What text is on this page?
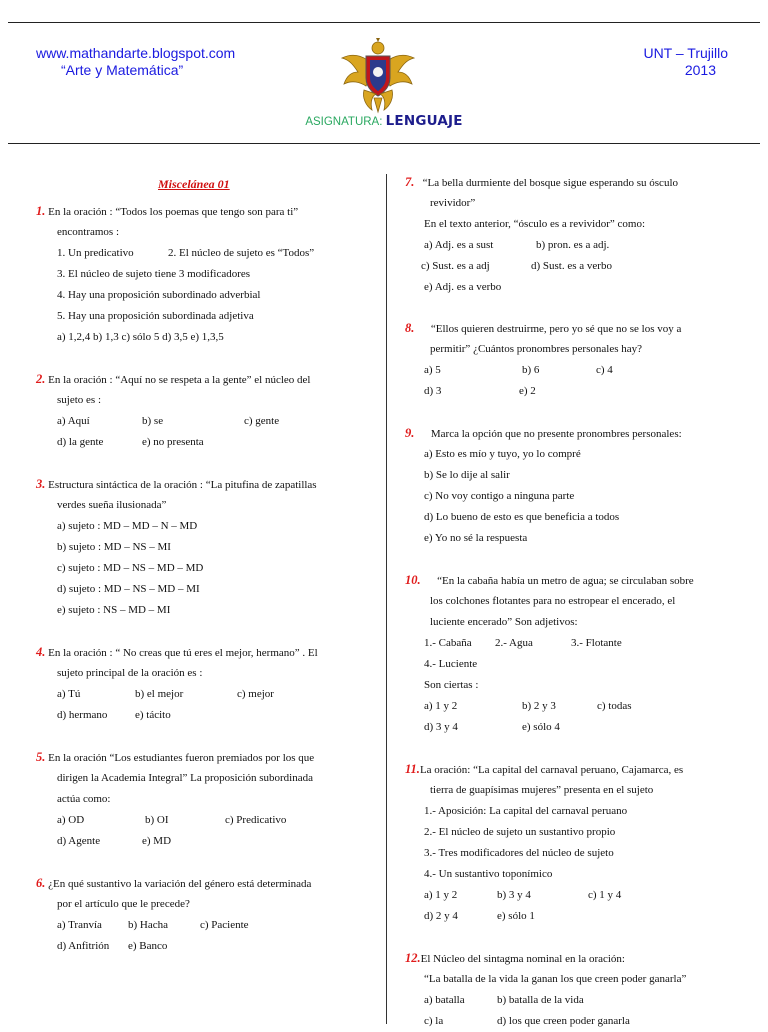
www.mathandarte.blogspot.com
“Arte y Matemática”
UNT – Trujillo
2013
ASIGNATURA: LENGUAJE
Miscelánea 01
1. En la oración : “Todos los poemas que tengo son para ti”
encontramos :
1. Un predicativo	2. El núcleo de sujeto es “Todos”
3. El núcleo de sujeto tiene 3 modificadores
4. Hay una proposición subordinado adverbial
5. Hay una proposición subordinada adjetiva
a) 1,2,4 b) 1,3 c) sólo 5 d) 3,5 e) 1,3,5
2. En la oración : “Aquí no se respeta a la gente” el núcleo del
sujeto es :
a) Aquí	b) se	c) gente
d) la gente	e) no presenta
3. Estructura sintáctica de la oración : “La pitufina de zapatillas
verdes sueña ilusionada”
a) sujeto : MD – MD – N – MD
b) sujeto : MD – NS – MI
c) sujeto : MD – NS – MD – MD
d) sujeto : MD – NS – MD – MI
e) sujeto : NS – MD – MI
4. En la oración : “ No creas que tú eres el mejor, hermano” . El
sujeto principal de la oración es :
a) Tú	b) el mejor	c) mejor
d) hermano	e) tácito
5. En la oración “Los estudiantes fueron premiados por los que
dirigen la Academia Integral” La proposición subordinada
actúa como:
a) OD	b) OI	c) Predicativo
d) Agente	e) MD
6. ¿En qué sustantivo la variación del género está determinada
por el artículo que le precede?
a) Tranvía b) Hacha	c) Paciente
d) Anfitrión e) Banco
7. “La bella durmiente del bosque sigue esperando su ósculo
revividor”
En el texto anterior, “ósculo es a revividor” como:
a) Adj. es a sust	b) pron. es a adj.
c) Sust. es a adj	d) Sust. es a verbo
e) Adj. es a verbo
8. “Ellos quieren destruirme, pero yo sé que no se los voy a
permitir” ¿Cuántos pronombres personales hay?
a) 5	b) 6	c) 4
d) 3	e) 2
9. Marca la opción que no presente pronombres personales:
a) Esto es mío y tuyo, yo lo compré
b) Se lo dije al salir
c) No voy contigo a ninguna parte
d) Lo bueno de esto es que beneficia a todos
e) Yo no sé la respuesta
10. “En la cabaña había un metro de agua; se circulaban sobre
los colchones flotantes para no estropear el encerado, el
luciente encerado” Son adjetivos:
1.- Cabaña 2.- Agua	3.- Flotante
4.- Luciente
Son ciertas :
a) 1 y 2	b) 2 y 3	c) todas
d) 3 y 4	e) sólo 4
11.La oración: “La capital del carnaval peruano, Cajamarca, es
tierra de guapísimas mujeres” presenta en el sujeto
1.- Aposición: La capital del carnaval peruano
2.- El núcleo de sujeto un sustantivo propio
3.- Tres modificadores del núcleo de sujeto
4.- Un sustantivo toponímico
a) 1 y 2	b) 3 y 4	c) 1 y 4
d) 2 y 4	e) sólo 1
12.El Núcleo del sintagma nominal en la oración:
“La batalla de la vida la ganan los que creen poder ganarla”
a) batalla	b) batalla de la vida
c) la	d) los que creen poder ganarla
